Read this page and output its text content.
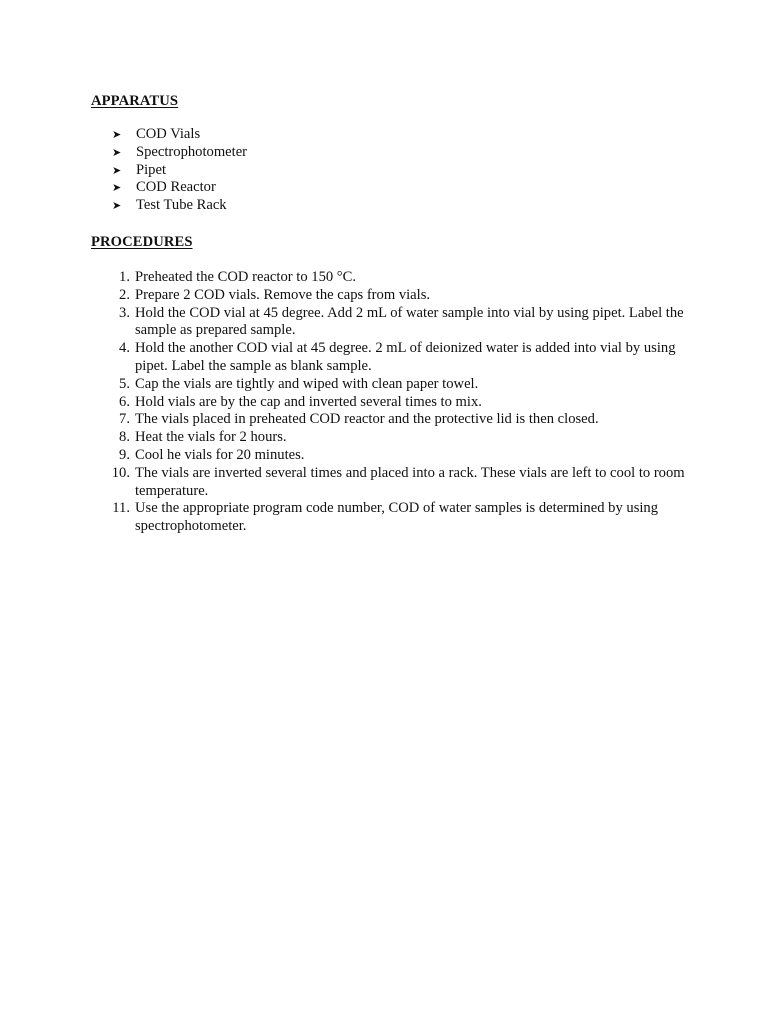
APPARATUS
➤	COD Vials
➤	Spectrophotometer
➤	Pipet
➤	COD Reactor
➤	Test Tube Rack
PROCEDURES
1. Preheated the COD reactor to 150 °C.
2. Prepare 2 COD vials. Remove the caps from vials.
3. Hold the COD vial at 45 degree. Add 2 mL of water sample into vial by using pipet. Label the sample as prepared sample.
4. Hold the another COD vial at 45 degree. 2 mL of deionized water is added into vial by using pipet. Label the sample as blank sample.
5. Cap the vials are tightly and wiped with clean paper towel.
6. Hold vials are by the cap and inverted several times to mix.
7. The vials placed in preheated COD reactor and the protective lid is then closed.
8. Heat the vials for 2 hours.
9. Cool he vials for 20 minutes.
10. The vials are inverted several times and placed into a rack. These vials are left to cool to room temperature.
11. Use the appropriate program code number, COD of water samples is determined by using spectrophotometer.
